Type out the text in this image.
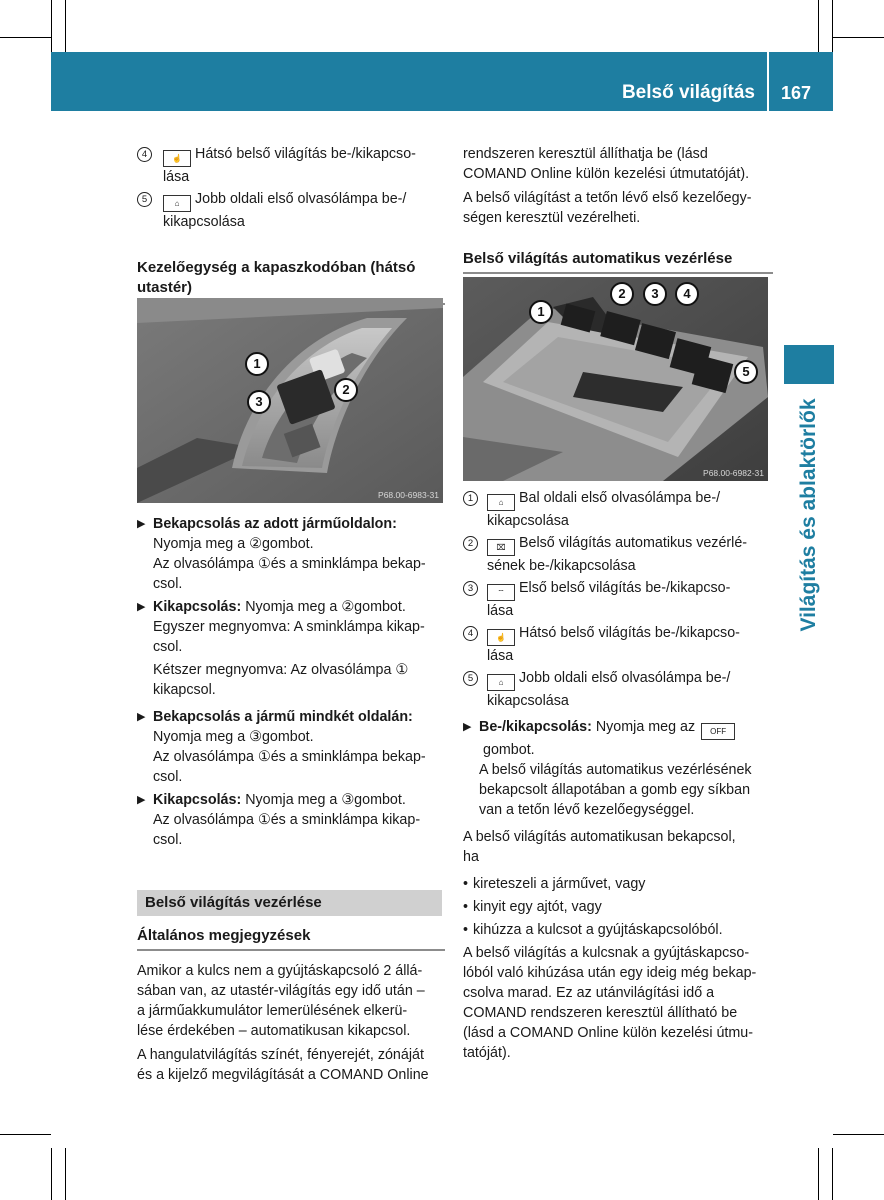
Belső világítás 167
Világítás és ablaktörlők
4	☝ Hátsó belső világítás be-/kikapcso-
lása
5	⌂ Jobb oldali első olvasólámpa be-/
kikapcsolása
Kezelőegység a kapaszkodóban (hátsó
utastér)
1
2
3
P68.00-6983-31
▶ Bekapcsolás az adott járműoldalon:
Nyomja meg a ②gombot.
Az olvasólámpa ①és a sminklámpa bekap-
csol.
▶ Kikapcsolás: Nyomja meg a ②gombot.
Egyszer megnyomva: A sminklámpa kikap-
csol.
Kétszer megnyomva: Az olvasólámpa ①
kikapcsol.
▶ Bekapcsolás a jármű mindkét oldalán:
Nyomja meg a ③gombot.
Az olvasólámpa ①és a sminklámpa bekap-
csol.
▶ Kikapcsolás: Nyomja meg a ③gombot.
Az olvasólámpa ①és a sminklámpa kikap-
csol.
Belső világítás vezérlése
Általános megjegyzések
Amikor a kulcs nem a gyújtáskapcsoló 2 állá-
sában van, az utastér-világítás egy idő után –
a járműakkumulátor lemerülésének elkerü-
lése érdekében – automatikusan kikapcsol.
A hangulatvilágítás színét, fényerejét, zónáját
és a kijelző megvilágítását a COMAND Online
rendszeren keresztül állíthatja be (lásd
COMAND Online külön kezelési útmutatóját).
A belső világítást a tetőn lévő első kezelőegy-
ségen keresztül vezérelheti.
Belső világítás automatikus vezérlése
1
2	3	4
5
P68.00-6982-31
1	⌂ Bal oldali első olvasólámpa be-/
kikapcsolása
2	⌧ Belső világítás automatikus vezérlé-
sének be-/kikapcsolása
3	⌔ Első belső világítás be-/kikapcso-
lása
4	☝ Hátsó belső világítás be-/kikapcso-
lása
5	⌂ Jobb oldali első olvasólámpa be-/
kikapcsolása
▶ Be-/kikapcsolás: Nyomja meg az OFF
gombot.
A belső világítás automatikus vezérlésének
bekapcsolt állapotában a gomb egy síkban
van a tetőn lévő kezelőegységgel.
A belső világítás automatikusan bekapcsol,
ha
• kireteszeli a járművet, vagy
• kinyit egy ajtót, vagy
• kihúzza a kulcsot a gyújtáskapcsolóból.
A belső világítás a kulcsnak a gyújtáskapcso-
lóból való kihúzása után egy ideig még bekap-
csolva marad. Ez az utánvilágítási idő a
COMAND rendszeren keresztül állítható be
(lásd a COMAND Online külön kezelési útmu-
tatóját).
